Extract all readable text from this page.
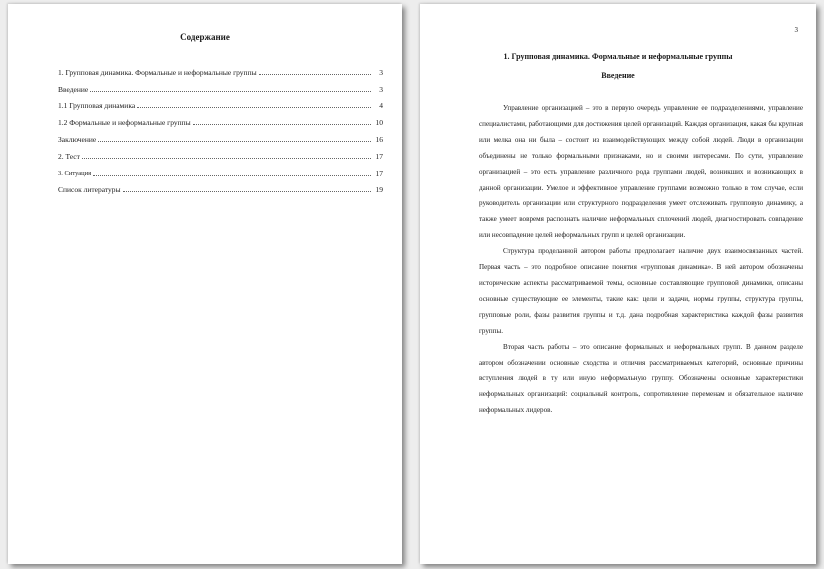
Содержание
1. Групповая динамика. Формальные и неформальные группы	3
Введение	3
1.1 Групповая динамика	4
1.2 Формальные и неформальные группы	10
Заключение	16
2. Тест	17
3. Ситуация	17
Список литературы	19
3
1. Групповая динамика. Формальные и неформальные группы
Введение

Управление организацией – это в первую очередь управление ее подразделениями, управление специалистами, работающими для достижения целей организаций. Каждая организация, какая бы крупная или мелка она ни была – состоит из взаимодействующих между собой людей. Люди в организации объединены не только формальными признаками, но и своими интересами. По сути, управление организацией – это есть управление различного рода группами людей, возникших и возникающих в данной организации. Умелое и эффективное управление группами возможно только в том случае, если руководитель организации или структурного подразделения умеет отслеживать групповую динамику, а также умеет вовремя распознать наличие неформальных сплочений людей, диагностировать совпадение или несовпадение целей неформальных групп и целей организации.

Структура проделанной автором работы предполагает наличие двух взаимосвязанных частей. Первая часть – это подробное описание понятия «групповая динамика». В ней автором обозначены исторические аспекты рассматриваемой темы, основные составляющие групповой динамики, описаны основные существующие ее элементы, такие как: цели и задачи, нормы группы, структура группы, групповые роли, фазы развития группы и т.д. дана подробная характеристика каждой фазы развития группы.

Вторая часть работы – это описание формальных и неформальных групп. В данном разделе автором обозначении основные сходства и отличия рассматриваемых категорий, основные причины вступления людей в ту или иную неформальную группу. Обозначены основные характеристики неформальных организаций: социальный контроль, сопротивление переменам и обязательное наличие неформальных лидеров.
